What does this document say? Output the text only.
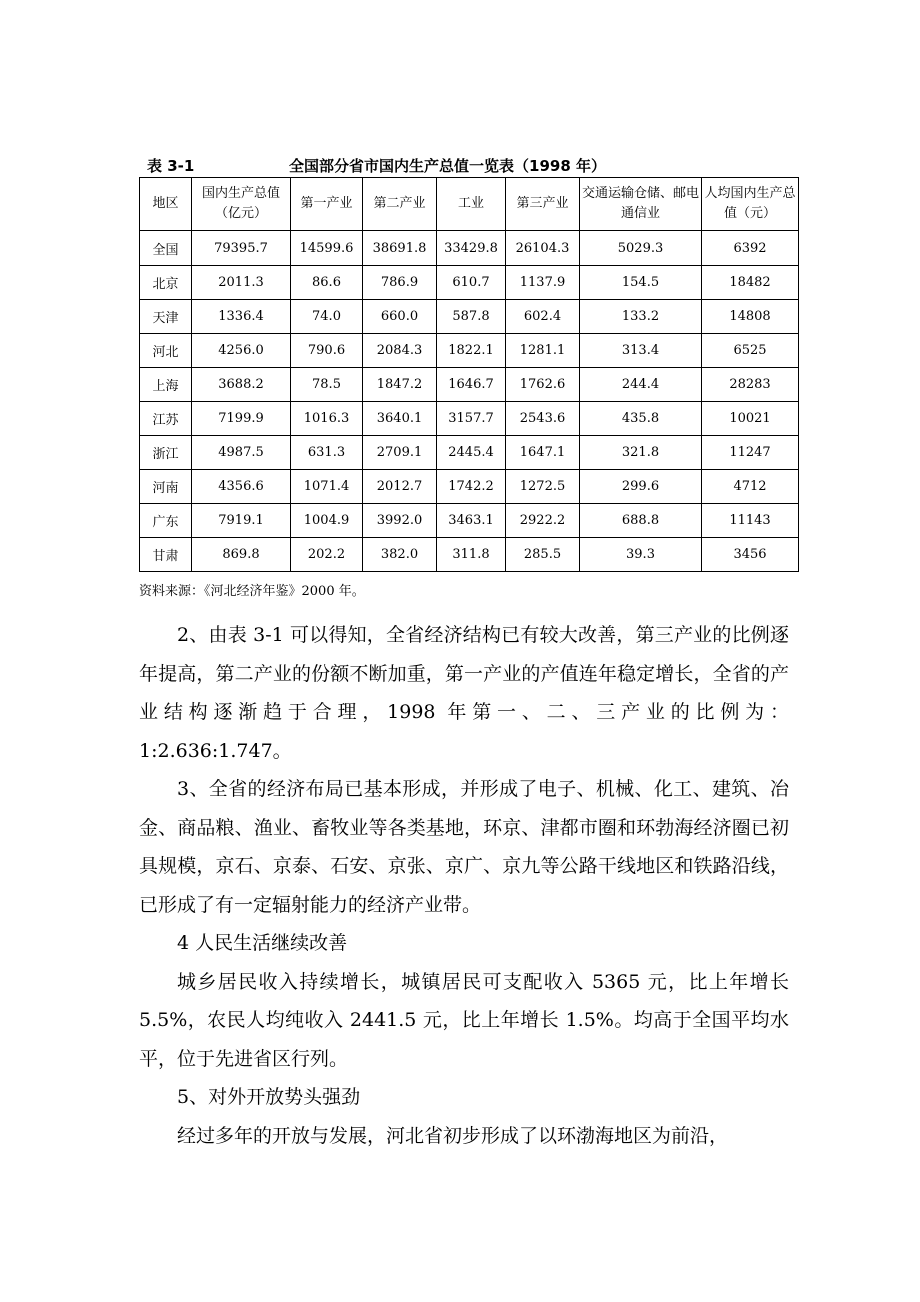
表 3-1	全国部分省市国内生产总值一览表（1998 年）
地区	国内生产总值（亿元）	第一产业	第二产业	工业	第三产业	交通运输仓储、邮电通信业	人均国内生产总值（元）
全国	79395.7	14599.6	38691.8	33429.8	26104.3	5029.3	6392
北京	2011.3	86.6	786.9	610.7	1137.9	154.5	18482
天津	1336.4	74.0	660.0	587.8	602.4	133.2	14808
河北	4256.0	790.6	2084.3	1822.1	1281.1	313.4	6525
上海	3688.2	78.5	1847.2	1646.7	1762.6	244.4	28283
江苏	7199.9	1016.3	3640.1	3157.7	2543.6	435.8	10021
浙江	4987.5	631.3	2709.1	2445.4	1647.1	321.8	11247
河南	4356.6	1071.4	2012.7	1742.2	1272.5	299.6	4712
广东	7919.1	1004.9	3992.0	3463.1	2922.2	688.8	11143
甘肃	869.8	202.2	382.0	311.8	285.5	39.3	3456
资料来源：《河北经济年鉴》2000 年。

2、由表 3-1 可以得知，全省经济结构已有较大改善，第三产业的比例逐年提高，第二产业的份额不断加重，第一产业的产值连年稳定增长，全省的产业结构逐渐趋于合理，1998 年第一、二、三产业的比例为：1:2.636:1.747。

3、全省的经济布局已基本形成，并形成了电子、机械、化工、建筑、冶金、商品粮、渔业、畜牧业等各类基地，环京、津都市圈和环勃海经济圈已初具规模，京石、京泰、石安、京张、京广、京九等公路干线地区和铁路沿线，已形成了有一定辐射能力的经济产业带。

4 人民生活继续改善

城乡居民收入持续增长，城镇居民可支配收入 5365 元，比上年增长 5.5%，农民人均纯收入 2441.5 元，比上年增长 1.5%。均高于全国平均水平，位于先进省区行列。

5、对外开放势头强劲

经过多年的开放与发展，河北省初步形成了以环渤海地区为前沿，
